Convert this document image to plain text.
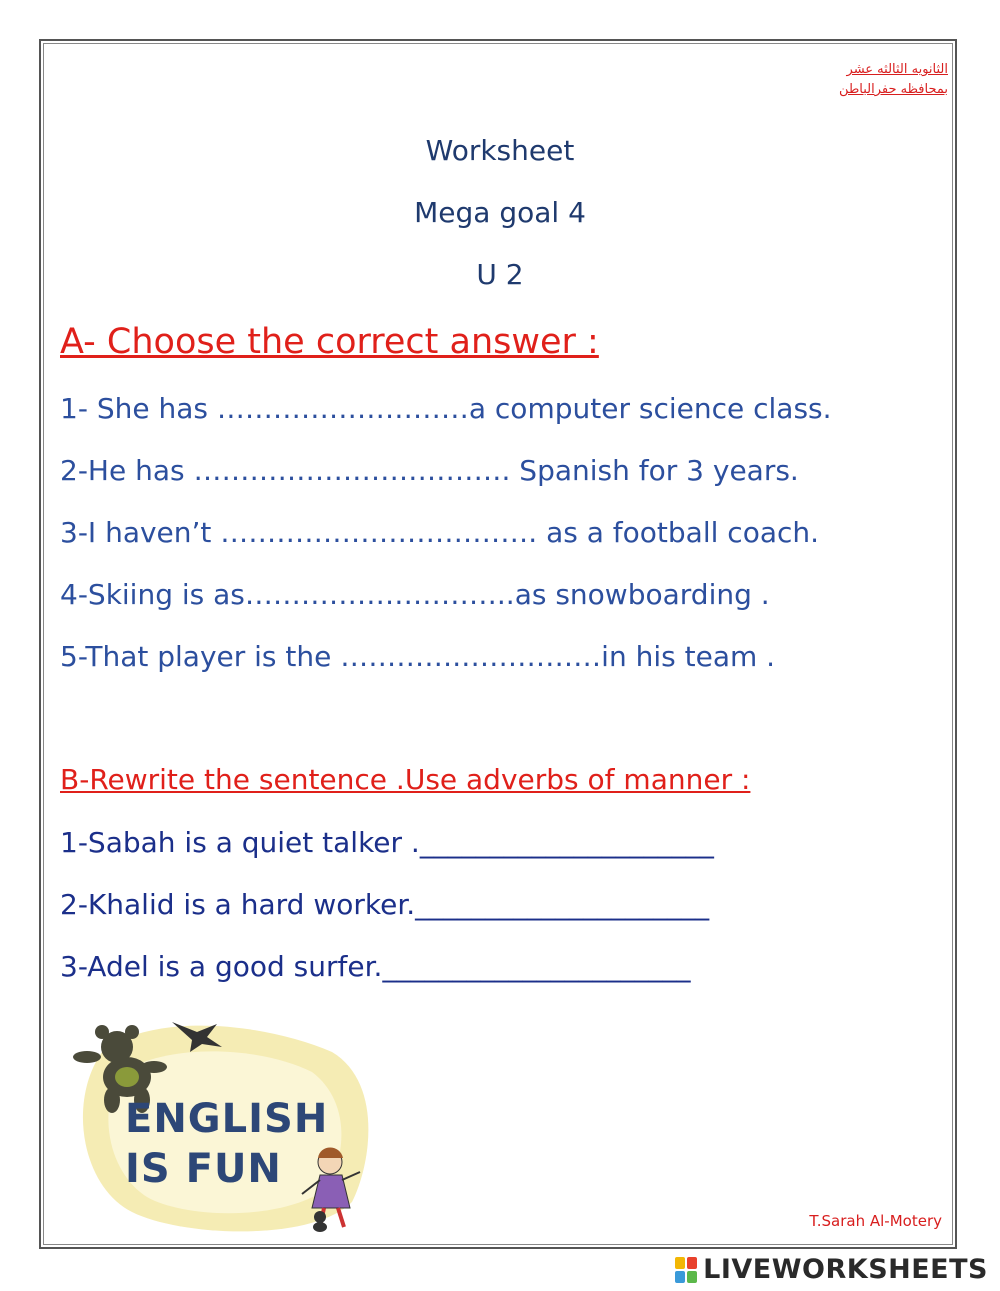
الثانويه الثالثه عشر
بمحافظه حفرالباطن
Worksheet
Mega goal 4
U 2
A- Choose the correct answer :
1- She has ………………………a computer science class.
2-He has ……………………………. Spanish for 3 years.
3-I haven’t ……………………………. as a football coach.
4-Skiing is as………………………..as snowboarding .
5-That player is the ………….……………in his team .
B-Rewrite the sentence .Use adverbs of manner :
1-Sabah is a quiet talker ._____________________
2-Khalid is a hard worker._____________________
3-Adel is a good surfer.______________________
ENGLISH
IS FUN
T.Sarah Al-Motery
LIVEWORKSHEETS
